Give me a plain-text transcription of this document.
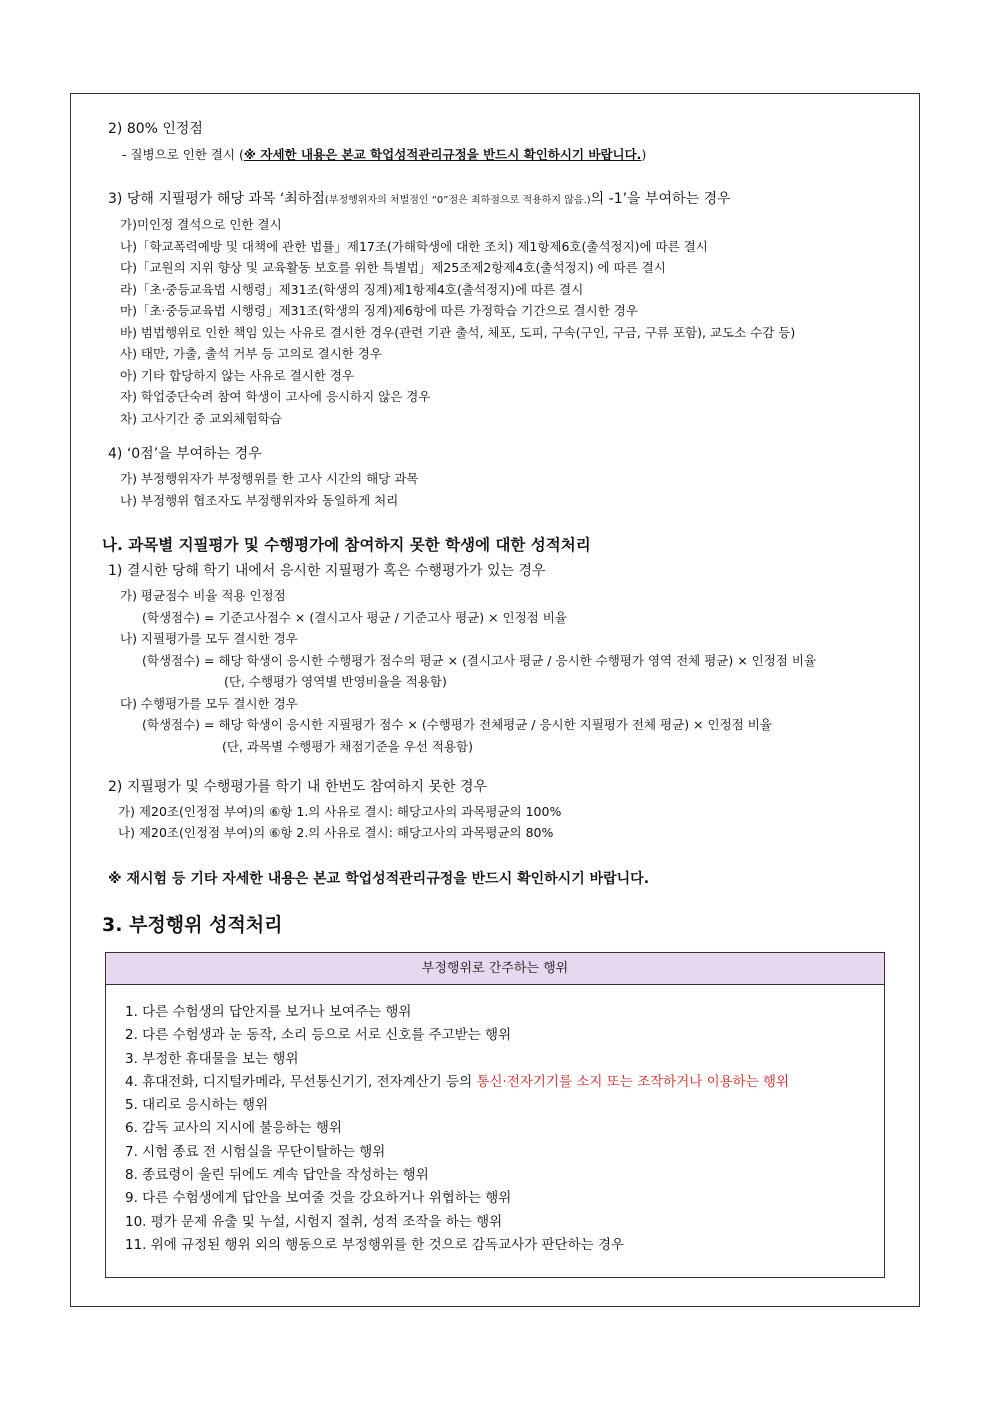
2) 80% 인정점
- 질병으로 인한 결시 (※ 자세한 내용은 본교 학업성적관리규정을 반드시 확인하시기 바랍니다.)
3) 당해 지필평가 해당 과목 ‘최하점(부정행위자의 처벌점인 “0”점은 최하점으로 적용하지 않음.)의 -1’을 부여하는 경우
가)미인정 결석으로 인한 결시
나)「학교폭력예방 및 대책에 관한 법률」제17조(가해학생에 대한 조치) 제1항제6호(출석정지)에 따른 결시
다)「교원의 지위 향상 및 교육활동 보호를 위한 특별법」제25조제2항제4호(출석정지) 에 따른 결시
라)「초·중등교육법 시행령」제31조(학생의 징계)제1항제4호(출석정지)에 따른 결시
마)「초·중등교육법 시행령」제31조(학생의 징계)제6항에 따른 가정학습 기간으로 결시한 경우
바) 범법행위로 인한 책임 있는 사유로 결시한 경우(관련 기관 출석, 체포, 도피, 구속(구인, 구금, 구류 포함), 교도소 수감 등)
사) 태만, 가출, 출석 거부 등 고의로 결시한 경우
아) 기타 합당하지 않는 사유로 결시한 경우
자) 학업중단숙려 참여 학생이 고사에 응시하지 않은 경우
차) 고사기간 중 교외체험학습
4) ‘0점’을 부여하는 경우
가) 부정행위자가 부정행위를 한 고사 시간의 해당 과목
나) 부정행위 협조자도 부정행위자와 동일하게 처리
나. 과목별 지필평가 및 수행평가에 참여하지 못한 학생에 대한 성적처리
1) 결시한 당해 학기 내에서 응시한 지필평가 혹은 수행평가가 있는 경우
가) 평균점수 비율 적용 인정점
(학생점수) = 기준고사점수 × (결시고사 평균 / 기준고사 평균) × 인정점 비율
나) 지필평가를 모두 결시한 경우
(학생점수) = 해당 학생이 응시한 수행평가 점수의 평균 × (결시고사 평균 / 응시한 수행평가 영역 전체 평균) × 인정점 비율
(단, 수행평가 영역별 반영비율을 적용함)
다) 수행평가를 모두 결시한 경우
(학생점수) = 해당 학생이 응시한 지필평가 점수 × (수행평가 전체평균 / 응시한 지필평가 전체 평균) × 인정점 비율
(단, 과목별 수행평가 채점기준을 우선 적용함)
2) 지필평가 및 수행평가를 학기 내 한번도 참여하지 못한 경우
가) 제20조(인정점 부여)의 ⑥항 1.의 사유로 결시: 해당고사의 과목평균의 100%
나) 제20조(인정점 부여)의 ⑥항 2.의 사유로 결시: 해당고사의 과목평균의 80%
※ 재시험 등 기타 자세한 내용은 본교 학업성적관리규정을 반드시 확인하시기 바랍니다.
3. 부정행위 성적처리
부정행위로 간주하는 행위
1. 다른 수험생의 답안지를 보거나 보여주는 행위
2. 다른 수험생과 눈 동작, 소리 등으로 서로 신호를 주고받는 행위
3. 부정한 휴대물을 보는 행위
4. 휴대전화, 디지털카메라, 무선통신기기, 전자계산기 등의 통신·전자기기를 소지 또는 조작하거나 이용하는 행위
5. 대리로 응시하는 행위
6. 감독 교사의 지시에 불응하는 행위
7. 시험 종료 전 시험실을 무단이탈하는 행위
8. 종료령이 울린 뒤에도 계속 답안을 작성하는 행위
9. 다른 수험생에게 답안을 보여줄 것을 강요하거나 위협하는 행위
10. 평가 문제 유출 및 누설, 시험지 절취, 성적 조작을 하는 행위
11. 위에 규정된 행위 외의 행동으로 부정행위를 한 것으로 감독교사가 판단하는 경우
